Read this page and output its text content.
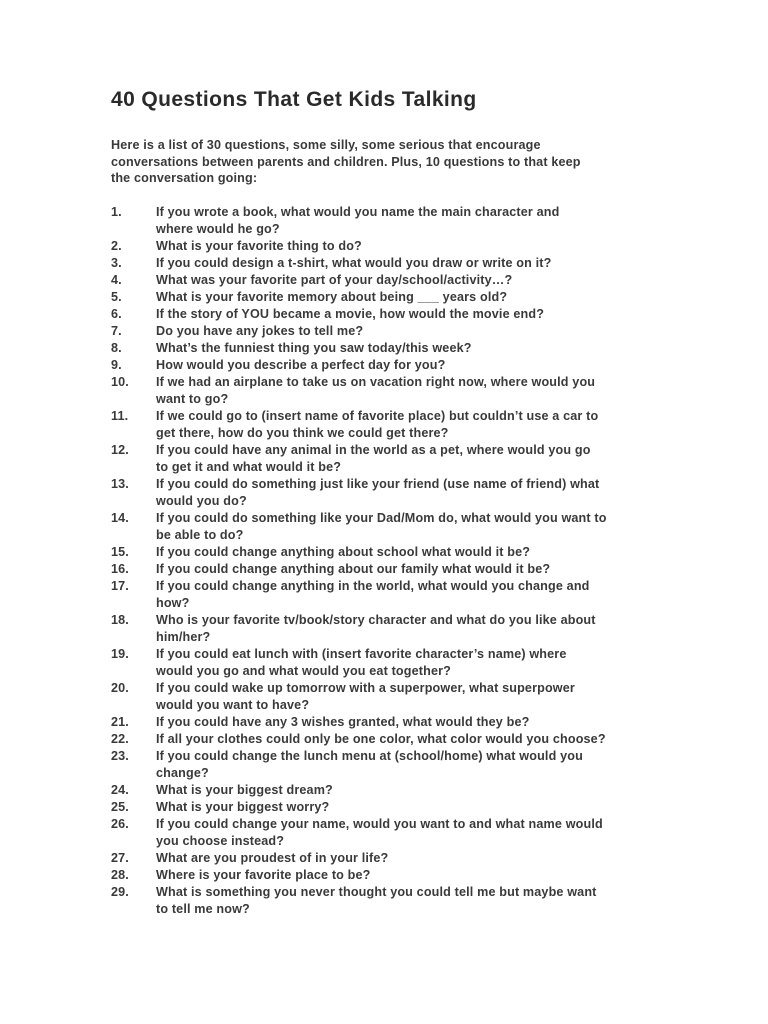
40 Questions That Get Kids Talking

Here is a list of 30 questions, some silly, some serious that encourage
conversations between parents and children. Plus, 10 questions to that keep
the conversation going:

1.	If you wrote a book, what would you name the main character and
where would he go?
2.	What is your favorite thing to do?
3.	If you could design a t-shirt, what would you draw or write on it?
4.	What was your favorite part of your day/school/activity…?
5.	What is your favorite memory about being ___ years old?
6.	If the story of YOU became a movie, how would the movie end?
7.	Do you have any jokes to tell me?
8.	What’s the funniest thing you saw today/this week?
9.	How would you describe a perfect day for you?
10.	If we had an airplane to take us on vacation right now, where would you
want to go?
11.	If we could go to (insert name of favorite place) but couldn’t use a car to
get there, how do you think we could get there?
12.	If you could have any animal in the world as a pet, where would you go
to get it and what would it be?
13.	If you could do something just like your friend (use name of friend) what
would you do?
14.	If you could do something like your Dad/Mom do, what would you want to
be able to do?
15.	If you could change anything about school what would it be?
16.	If you could change anything about our family what would it be?
17.	If you could change anything in the world, what would you change and
how?
18.	Who is your favorite tv/book/story character and what do you like about
him/her?
19.	If you could eat lunch with (insert favorite character’s name) where
would you go and what would you eat together?
20.	If you could wake up tomorrow with a superpower, what superpower
would you want to have?
21.	If you could have any 3 wishes granted, what would they be?
22.	If all your clothes could only be one color, what color would you choose?
23.	If you could change the lunch menu at (school/home) what would you
change?
24.	What is your biggest dream?
25.	What is your biggest worry?
26.	If you could change your name, would you want to and what name would
you choose instead?
27.	What are you proudest of in your life?
28.	Where is your favorite place to be?
29.	What is something you never thought you could tell me but maybe want
to tell me now?
